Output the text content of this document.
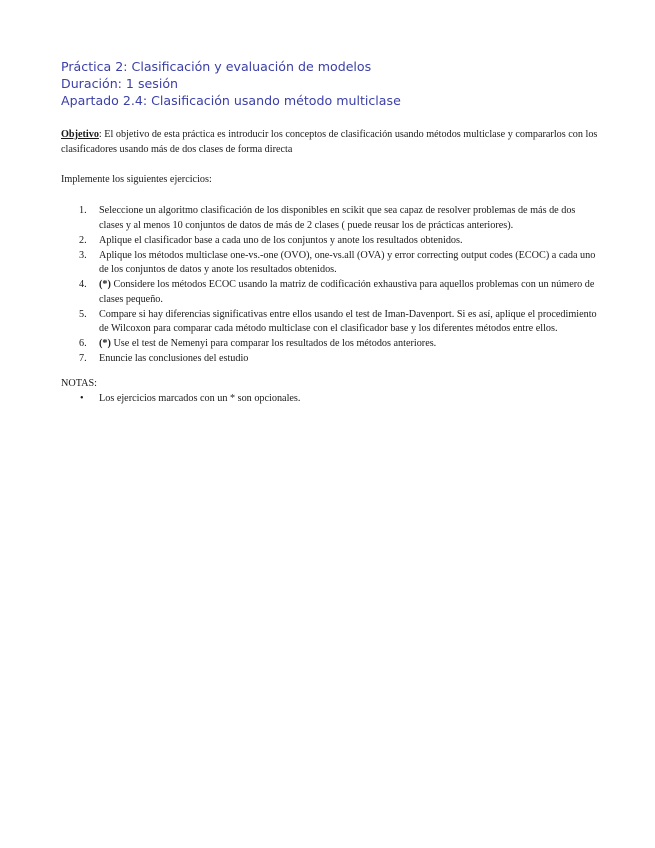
Práctica 2: Clasificación y evaluación de modelos

Duración: 1 sesión

Apartado 2.4: Clasificación usando método multiclase

Objetivo: El objetivo de esta práctica es introducir los conceptos de clasificación usando métodos multiclase y compararlos con los clasificadores usando más de dos clases de forma directa
Implemente los siguientes ejercicios:
1. Seleccione un algoritmo clasificación de los disponibles en scikit que sea capaz de resolver problemas de más de dos clases y al menos 10 conjuntos de datos de más de 2 clases ( puede reusar los de prácticas anteriores).
2. Aplique el clasificador base a cada uno de los conjuntos y anote los resultados obtenidos.
3. Aplique los métodos multiclase one-vs.-one (OVO), one-vs.all (OVA) y error correcting output codes (ECOC) a cada uno de los conjuntos de datos y anote los resultados obtenidos.
4. (*) Considere los métodos ECOC usando la matriz de codificación exhaustiva para aquellos problemas con un número de clases pequeño.
5. Compare si hay diferencias significativas entre ellos usando el test de Iman-Davenport. Si es así, aplique el procedimiento de Wilcoxon para comparar cada método multiclase con el clasificador base y los diferentes métodos entre ellos.
6. (*) Use el test de Nemenyi para comparar los resultados de los métodos anteriores.
7. Enuncie las conclusiones del estudio
NOTAS:
• Los ejercicios marcados con un * son opcionales.
